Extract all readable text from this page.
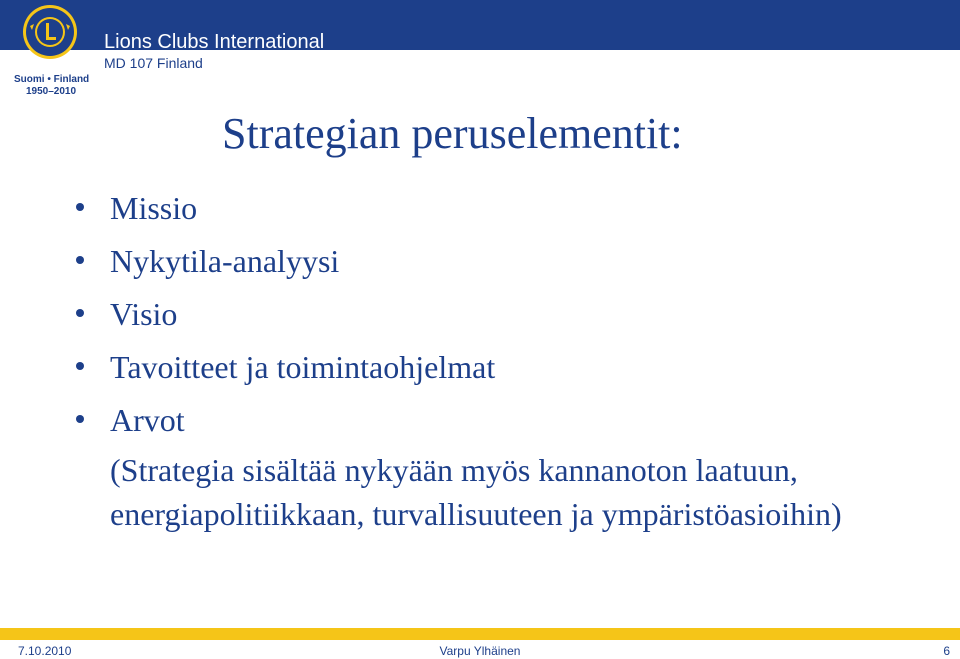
Suomi • Finland
1950–2010
Lions Clubs International
MD 107 Finland
Strategian peruselementit:
Missio
Nykytila-analyysi
Visio
Tavoitteet ja toimintaohjelmat
Arvot
(Strategia sisältää nykyään myös kannanoton laatuun, energiapolitiikkaan, turvallisuuteen ja ympäristöasioihin)
7.10.2010	Varpu Ylhäinen	6
